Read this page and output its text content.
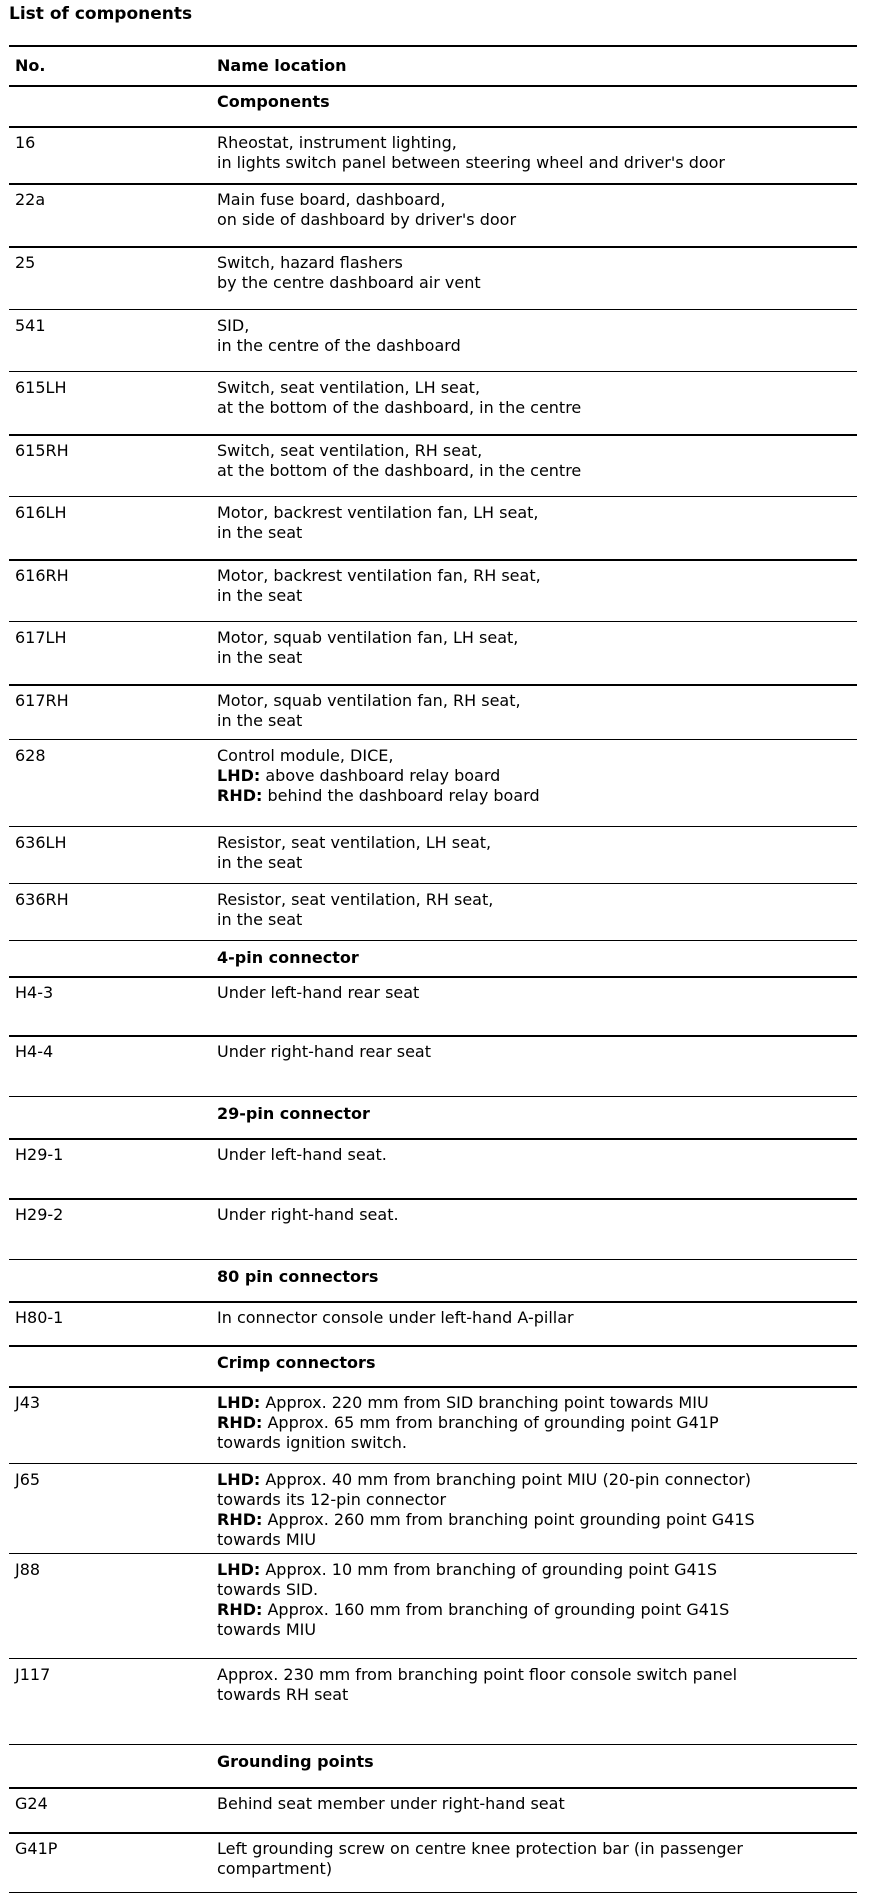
List of components
No.	Name location
Components
16	Rheostat, instrument lighting,
in lights switch panel between steering wheel and driver's door
22a	Main fuse board, dashboard,
on side of dashboard by driver's door
25	Switch, hazard flashers
by the centre dashboard air vent
541	SID,
in the centre of the dashboard
615LH	Switch, seat ventilation, LH seat,
at the bottom of the dashboard, in the centre
615RH	Switch, seat ventilation, RH seat,
at the bottom of the dashboard, in the centre
616LH	Motor, backrest ventilation fan, LH seat,
in the seat
616RH	Motor, backrest ventilation fan, RH seat,
in the seat
617LH	Motor, squab ventilation fan, LH seat,
in the seat
617RH	Motor, squab ventilation fan, RH seat,
in the seat
628	Control module, DICE,
LHD: above dashboard relay board
RHD: behind the dashboard relay board
636LH	Resistor, seat ventilation, LH seat,
in the seat
636RH	Resistor, seat ventilation, RH seat,
in the seat
4-pin connector
H4-3	Under left-hand rear seat
H4-4	Under right-hand rear seat
29-pin connector
H29-1	Under left-hand seat.
H29-2	Under right-hand seat.
80 pin connectors
H80-1	In connector console under left-hand A-pillar
Crimp connectors
J43	LHD: Approx. 220 mm from SID branching point towards MIU
RHD: Approx. 65 mm from branching of grounding point G41P
towards ignition switch.
J65	LHD: Approx. 40 mm from branching point MIU (20-pin connector)
towards its 12-pin connector
RHD: Approx. 260 mm from branching point grounding point G41S
towards MIU
J88	LHD: Approx. 10 mm from branching of grounding point G41S
towards SID.
RHD: Approx. 160 mm from branching of grounding point G41S
towards MIU
J117	Approx. 230 mm from branching point floor console switch panel
towards RH seat
Grounding points
G24	Behind seat member under right-hand seat
G41P	Left grounding screw on centre knee protection bar (in passenger
compartment)
